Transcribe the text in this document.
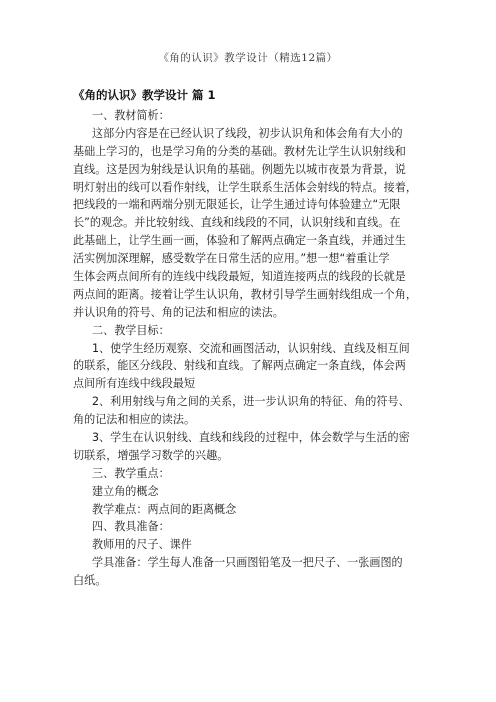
《角的认识》教学设计（精选12篇）
《角的认识》教学设计 篇 1
一、教材简析：
这部分内容是在已经认识了线段，初步认识角和体会角有大小的
基础上学习的，也是学习角的分类的基础。教材先让学生认识射线和
直线。这是因为射线是认识角的基础。例题先以城市夜景为背景，说
明灯射出的线可以看作射线，让学生联系生活体会射线的特点。接着，
把线段的一端和两端分别无限延长，让学生通过诗句体验建立“无限
长”的观念。并比较射线、直线和线段的不同，认识射线和直线。在
此基础上，让学生画一画，体验和了解两点确定一条直线，并通过生
活实例加深理解，感受数学在日常生活的应用。”想一想“着重让学
生体会两点间所有的连线中线段最短，知道连接两点的线段的长就是
两点间的距离。接着让学生认识角，教材引导学生画射线组成一个角，
并认识角的符号、角的记法和相应的读法。
二、教学目标：
1、使学生经历观察、交流和画图活动，认识射线、直线及相互间
的联系，能区分线段、射线和直线。了解两点确定一条直线，体会两
点间所有连线中线段最短
2、利用射线与角之间的关系，进一步认识角的特征、角的符号、
角的记法和相应的读法。
3、学生在认识射线、直线和线段的过程中，体会数学与生活的密
切联系，增强学习数学的兴趣。
三、教学重点：
建立角的概念
教学难点：两点间的距离概念
四、教具准备：
教师用的尺子、课件
学具准备：学生每人准备一只画图铅笔及一把尺子、一张画图的
白纸。
